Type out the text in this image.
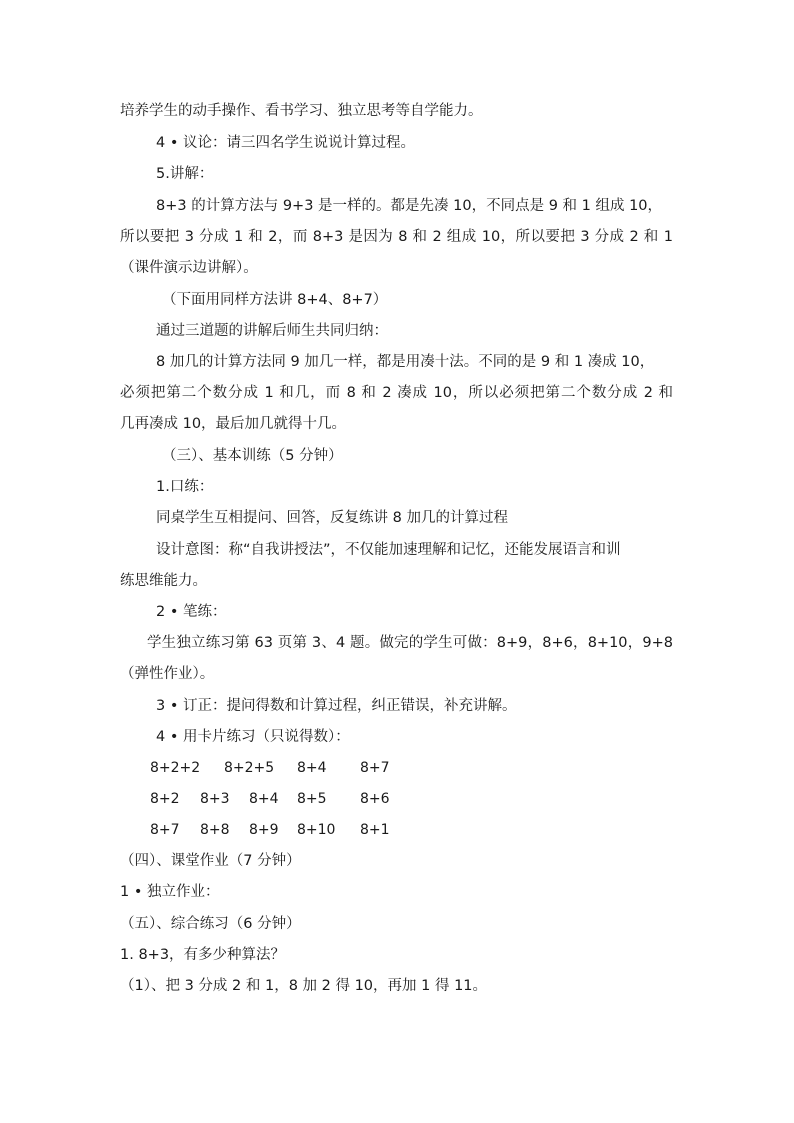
培养学生的动手操作、看书学习、独立思考等自学能力。
4 • 议论：请三四名学生说说计算过程。
5.讲解：
8+3 的计算方法与 9+3 是一样的。都是先凑 10，不同点是 9 和 1 组成 10，
所以要把 3 分成 1 和 2，而 8+3 是因为 8 和 2 组成 10，所以要把 3 分成 2 和 1
（课件演示边讲解）。
（下面用同样方法讲 8+4、8+7）
通过三道题的讲解后师生共同归纳：
8 加几的计算方法同 9 加几一样，都是用凑十法。不同的是 9 和 1 凑成 10，
必须把第二个数分成 1 和几，而 8 和 2 凑成 10，所以必须把第二个数分成 2 和
几再凑成 10，最后加几就得十几。
（三）、基本训练（5 分钟）
1.口练：
同桌学生互相提问、回答，反复练讲 8 加几的计算过程
设计意图：称“自我讲授法”，不仅能加速理解和记忆，还能发展语言和训
练思维能力。
2 • 笔练：
学生独立练习第 63 页第 3、4 题。做完的学生可做：8+9，8+6，8+10，9+8
（弹性作业）。
3 • 订正：提问得数和计算过程，纠正错误，补充讲解。
4 • 用卡片练习（只说得数）：
8+2+2 8+2+5 8+4 8+7
8+2 8+3 8+4 8+5 8+6
8+7 8+8 8+9 8+10 8+1
（四）、课堂作业（7 分钟）
1 • 独立作业：
（五）、综合练习（6 分钟）
1. 8+3，有多少种算法？
（1）、把 3 分成 2 和 1，8 加 2 得 10，再加 1 得 11。
